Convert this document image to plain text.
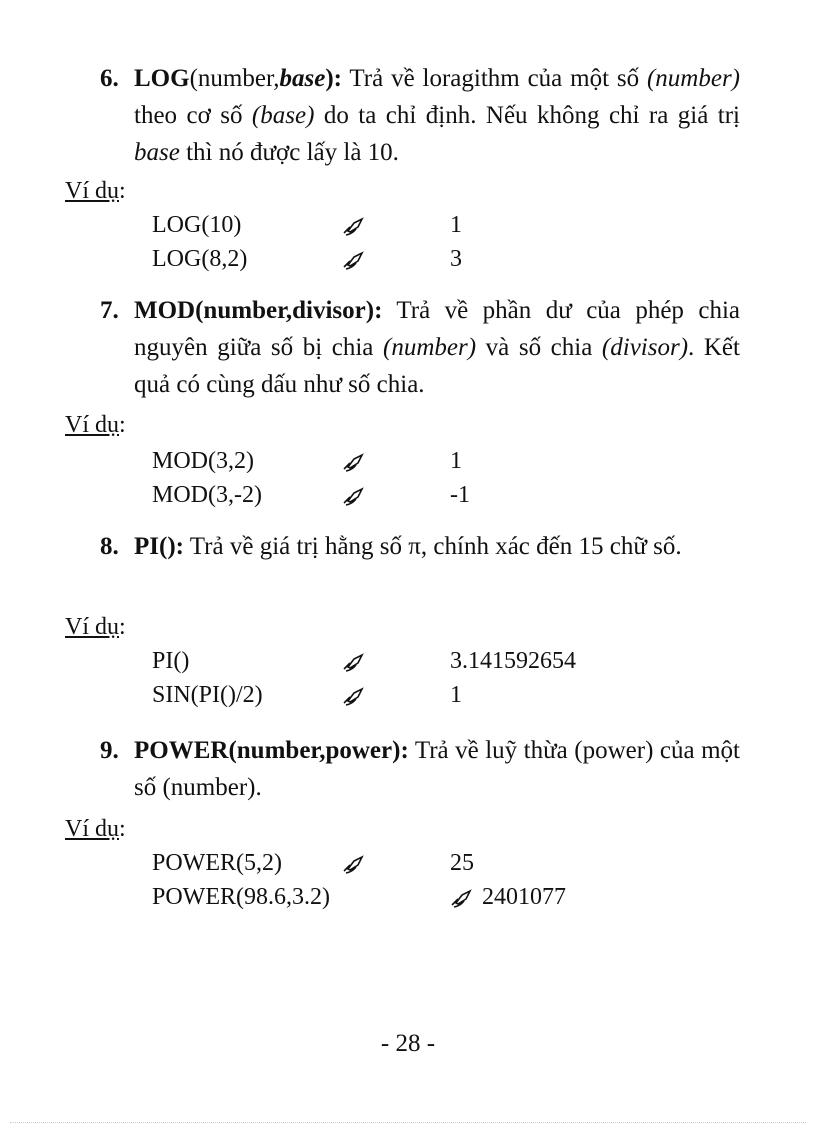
6. LOG(number,base): Trả về loragithm của một số (number) theo cơ số (base) do ta chỉ định. Nếu không chỉ ra giá trị base thì nó được lấy là 10.
Ví dụ:
LOG(10)	1
LOG(8,2)	3
7. MOD(number,divisor): Trả về phần dư của phép chia nguyên giữa số bị chia (number) và số chia (divisor). Kết quả có cùng dấu như số chia.
Ví dụ:
MOD(3,2)	1
MOD(3,-2)	-1
8. PI(): Trả về giá trị hằng số π, chính xác đến 15 chữ số.
Ví dụ:
PI()	3.141592654
SIN(PI()/2)	1
9. POWER(number,power): Trả về luỹ thừa (power) của một số (number).
Ví dụ:
POWER(5,2)	25
POWER(98.6,3.2)	2401077
- 28 -
